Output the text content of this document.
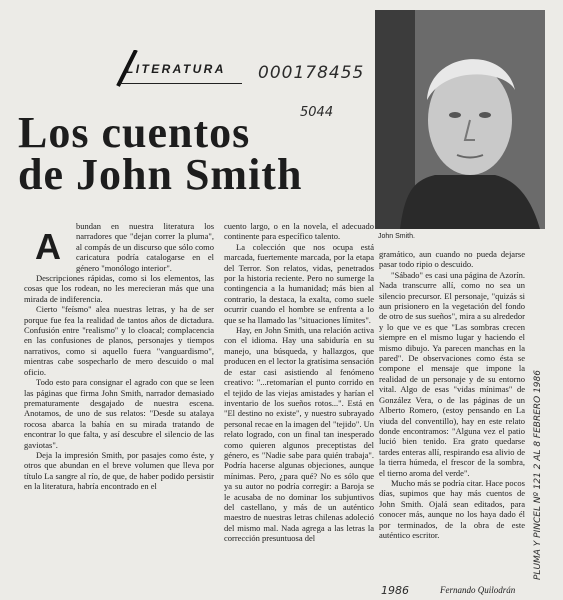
LITERATURA 000178455
5044
Los cuentos
de John Smith
John Smith.

bundan en nuestra literatura los narradores que "dejan correr la pluma", al compás de un discurso que sólo como caricatura podría catalogarse en el género "monólogo interior".

Descripciones rápidas, como si los elementos, las cosas que los rodean, no les merecieran más que una mirada de indiferencia.

Cierto "feísmo" alea nuestras letras, y ha de ser porque fue fea la realidad de tantos años de dictadura. Confusión entre "realismo" y lo cloacal; complacencia en las confusiones de planos, personajes y tiempos narrativos, como si aquello fuera "vanguardismo", mientras cabe sospecharlo de mero descuido o mal oficio.

Todo esto para consignar el agrado con que se leen las páginas que firma John Smith, narrador demasiado prematuramente desgajado de nuestra escena. Anotamos, de uno de sus relatos: "Desde su atalaya rocosa abarca la bahía en su mirada tratando de encontrar lo que falta, y así descubre el silencio de las gaviotas".

Deja la impresión Smith, por pasajes como éste, y otros que abundan en el breve volumen que lleva por título La sangre al río, de que, de haber podido persistir en la literatura, habría encontrado en el

A	cuento largo, o en la novela, el adecuado continente para específico talento.

La colección que nos ocupa está marcada, fuertemente marcada, por la etapa del Terror. Son relatos, vidas, penetrados por la historia reciente. Pero no sumerge la contingencia a la humanidad; más bien al contrario, la destaca, la exalta, como suele ocurrir cuando el hombre se enfrenta a lo que se ha llamado las "situaciones límites".

Hay, en John Smith, una relación activa con el idioma. Hay una sabiduría en su manejo, una búsqueda, y hallazgos, que producen en el lector la gratísima sensación de estar casi asistiendo al fenómeno creativo: "...retomarían el punto corrido en el tejido de las viejas amistades y harían el inventario de los sueños rotos...". Está en "El destino no existe", y nuestro subrayado personal recae en la imagen del "tejido". Un relato logrado, con un final tan inesperado como quieren algunos preceptistas del género, es "Nadie sabe para quién trabaja". Podría hacerse algunas objeciones, aunque mínimas. Pero, ¿para qué? No es sólo que ya su autor no podría corregir: a Baroja se le acusaba de no dominar los subjuntivos del castellano, y más de un auténtico maestro de nuestras letras chilenas adoleció del mismo mal. Nada agrega a las letras la corrección presuntuosa del

gramático, aun cuando no pueda dejarse pasar todo ripio o descuido.

"Sábado" es casi una página de Azorín. Nada transcurre allí, como no sea un silencio precursor. El personaje, "quizás si aun prisionero en la vegetación del fondo de otro de sus sueños", mira a su alrededor y lo que ve es que "Las sombras crecen siempre en el mismo lugar y haciendo el mismo dibujo. Ya parecen manchas en la pared". De observaciones como ésta se compone el mensaje que impone la realidad de un personaje y de su entorno vital. Algo de esas "vidas mínimas" de González Vera, o de las páginas de un Alberto Romero, (estoy pensando en La viuda del conventillo), hay en este relato donde encontramos: "Alguna vez el patio lució bien tenido. Era grato quedarse tardes enteras allí, respirando esa alivio de la tierra húmeda, el frescor de la sombra, el tierno aroma del verde".

Mucho más se podría citar. Hace pocos días, supimos que hay más cuentos de John Smith. Ojalá sean editados, para conocer más, aunque no los haya dado él por terminados, de la obra de este auténtico escritor.	PLUMA Y PINCEL Nº 121 2 AL 8 FEBRERO 1986
1986	Fernando Quilodrán
